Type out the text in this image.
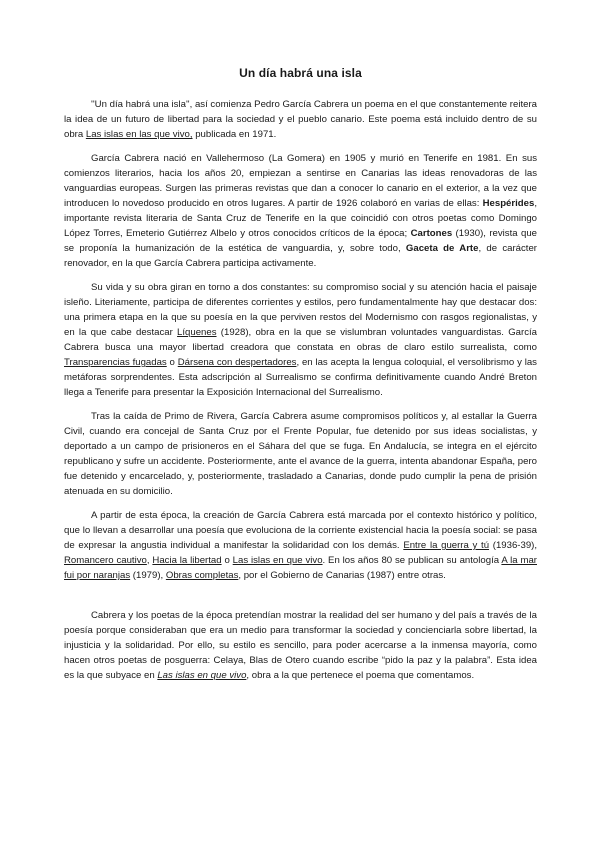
Un día habrá una isla

''Un día habrá una isla'', así comienza Pedro García Cabrera un poema en el que constantemente reitera la idea de un futuro de libertad para la sociedad y el pueblo canario. Este poema está incluido dentro de su obra Las islas en las que vivo, publicada en 1971.

García Cabrera nació en Vallehermoso (La Gomera) en 1905 y murió en Tenerife en 1981. En sus comienzos literarios, hacia los años 20, empiezan a sentirse en Canarias las ideas renovadoras de las vanguardias europeas. Surgen las primeras revistas que dan a conocer lo canario en el exterior, a la vez que introducen lo novedoso producido en otros lugares. A partir de 1926 colaboró en varias de ellas: Hespérides, importante revista literaria de Santa Cruz de Tenerife en la que coincidió con otros poetas como Domingo López Torres, Emeterio Gutiérrez Albelo y otros conocidos críticos de la época; Cartones (1930), revista que se proponía la humanización de la estética de vanguardia, y, sobre todo, Gaceta de Arte, de carácter renovador, en la que García Cabrera participa activamente.

Su vida y su obra giran en torno a dos constantes: su compromiso social y su atención hacia el paisaje isleño. Literiamente, participa de diferentes corrientes y estilos, pero fundamentalmente hay que destacar dos: una primera etapa en la que su poesía en la que perviven restos del Modernismo con rasgos regionalistas, y en la que cabe destacar Líquenes (1928), obra en la que se vislumbran voluntades vanguardistas. García Cabrera busca una mayor libertad creadora que constata en obras de claro estilo surrealista, como Transparencias fugadas o Dársena con despertadores, en las acepta la lengua coloquial, el versolibrismo y las metáforas sorprendentes. Esta adscripción al Surrealismo se confirma definitivamente cuando André Breton llega a Tenerife para presentar la Exposición Internacional del Surrealismo.

Tras la caída de Primo de Rivera, García Cabrera asume compromisos políticos y, al estallar la Guerra Civil, cuando era concejal de Santa Cruz por el Frente Popular, fue detenido por sus ideas socialistas, y deportado a un campo de prisioneros en el Sáhara del que se fuga. En Andalucía, se integra en el ejército republicano y sufre un accidente. Posteriormente, ante el avance de la guerra, intenta abandonar España, pero fue detenido y encarcelado, y, posteriormente, trasladado a Canarias, donde pudo cumplir la pena de prisión atenuada en su domicilio.

A partir de esta época, la creación de García Cabrera está marcada por el contexto histórico y político, que lo llevan a desarrollar una poesía que evoluciona de la corriente existencial hacia la poesía social: se pasa de expresar la angustia individual a manifestar la solidaridad con los demás. Entre la guerra y tú (1936-39), Romancero cautivo, Hacia la libertad o Las islas en que vivo. En los años 80 se publican su antología A la mar fui por naranjas (1979), Obras completas, por el Gobierno de Canarias (1987) entre otras.

Cabrera y los poetas de la época pretendían mostrar la realidad del ser humano y del país a través de la poesía porque consideraban que era un medio para transformar la sociedad y concienciarla sobre libertad, la injusticia y la solidaridad. Por ello, su estilo es sencillo, para poder acercarse a la inmensa mayoría, como hacen otros poetas de posguerra: Celaya, Blas de Otero cuando escribe “pido la paz y la palabra”. Esta idea es la que subyace en Las islas en que vivo, obra a la que pertenece el poema que comentamos.
